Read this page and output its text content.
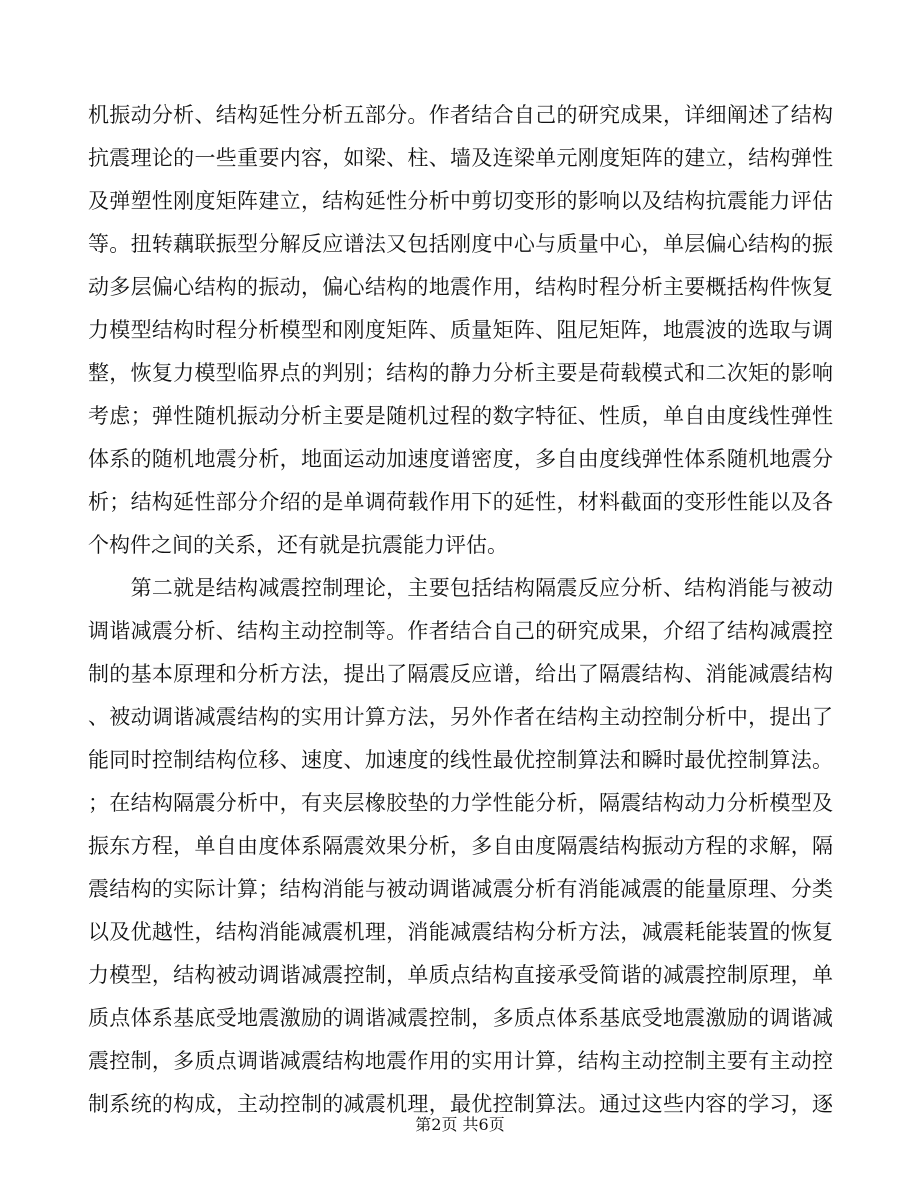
机振动分析、结构延性分析五部分。作者结合自己的研究成果，详细阐述了结构
抗震理论的一些重要内容，如梁、柱、墙及连梁单元刚度矩阵的建立，结构弹性
及弹塑性刚度矩阵建立，结构延性分析中剪切变形的影响以及结构抗震能力评估
等。扭转藕联振型分解反应谱法又包括刚度中心与质量中心，单层偏心结构的振
动多层偏心结构的振动，偏心结构的地震作用，结构时程分析主要概括构件恢复
力模型结构时程分析模型和刚度矩阵、质量矩阵、阻尼矩阵，地震波的选取与调
整，恢复力模型临界点的判别；结构的静力分析主要是荷载模式和二次矩的影响
考虑；弹性随机振动分析主要是随机过程的数字特征、性质，单自由度线性弹性
体系的随机地震分析，地面运动加速度谱密度，多自由度线弹性体系随机地震分
析；结构延性部分介绍的是单调荷载作用下的延性，材料截面的变形性能以及各
个构件之间的关系，还有就是抗震能力评估。
　　第二就是结构减震控制理论，主要包括结构隔震反应分析、结构消能与被动
调谐减震分析、结构主动控制等。作者结合自己的研究成果，介绍了结构减震控
制的基本原理和分析方法，提出了隔震反应谱，给出了隔震结构、消能减震结构
、被动调谐减震结构的实用计算方法，另外作者在结构主动控制分析中，提出了
能同时控制结构位移、速度、加速度的线性最优控制算法和瞬时最优控制算法。
；在结构隔震分析中，有夹层橡胶垫的力学性能分析，隔震结构动力分析模型及
振东方程，单自由度体系隔震效果分析，多自由度隔震结构振动方程的求解，隔
震结构的实际计算；结构消能与被动调谐减震分析有消能减震的能量原理、分类
以及优越性，结构消能减震机理，消能减震结构分析方法，减震耗能装置的恢复
力模型，结构被动调谐减震控制，单质点结构直接承受简谐的减震控制原理，单
质点体系基底受地震激励的调谐减震控制，多质点体系基底受地震激励的调谐减
震控制，多质点调谐减震结构地震作用的实用计算，结构主动控制主要有主动控
制系统的构成，主动控制的减震机理，最优控制算法。通过这些内容的学习，逐
第2页 共6页
